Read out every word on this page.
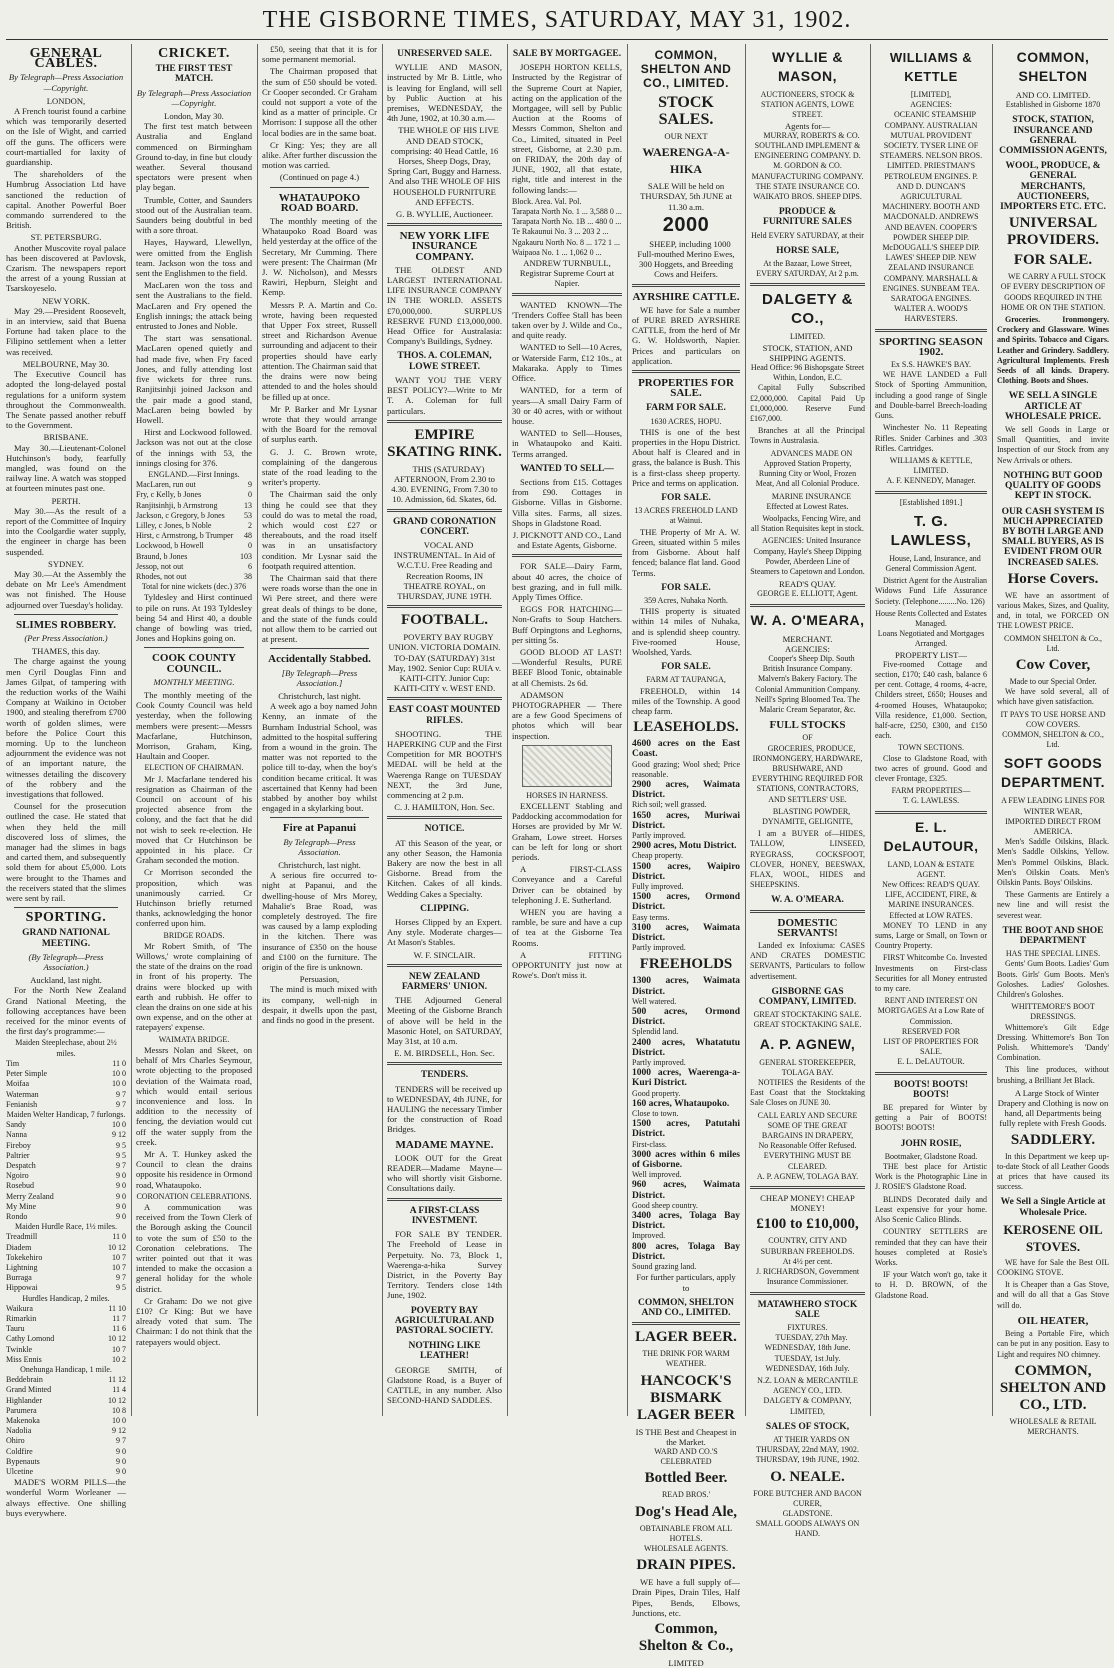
THE GISBORNE TIMES, SATURDAY, MAY 31, 1902.
GENERAL CABLES.
By Telegraph—Press Association—Copyright.
LONDON,

A French tourist found a carbine which was temporarily deserted on the Isle of Wight, and carried off the guns. The officers were court-martialled for laxity of guardianship.

The shareholders of the Humbrug Association Ltd have sanctioned the reduction of capital. Another Powerful Boer commando surrendered to the British.

ST. PETERSBURG.

Another Muscovite royal palace has been discovered at Pavlovsk, Czarism. The newspapers report the arrest of a young Russian at Tsarskoyeselo.

NEW YORK.

May 29.—President Roosevelt, in an interview, said that Buena Fortune had taken place to the Filipino settlement when a letter was received.

MELBOURNE, May 30.

The Executive Council has adopted the long-delayed postal regulations for a uniform system throughout the Commonwealth. The Senate passed another rebuff to the Government.

BRISBANE.

May 30.—Lieutenant-Colonel Hutchinson's body, fearfully mangled, was found on the railway line. A watch was stopped at fourteen minutes past one.

PERTH.

May 30.—As the result of a report of the Committee of Inquiry into the Coolgardie water supply, the engineer in charge has been suspended.

SYDNEY.

May 30.—At the Assembly the debate on Mr Lee's Amendment was not finished. The House adjourned over Tuesday's holiday.

SLIMES ROBBERY.
(Per Press Association.)
THAMES, this day.

The charge against the young men Cyril Douglas Finn and James Gilpat, of tampering with the reduction works of the Waihi Company at Waikino in October 1900, and stealing therefrom £700 worth of golden slimes, were before the Police Court this morning. Up to the luncheon adjournment the evidence was not of an important nature, the witnesses detailing the discovery of the robbery and the investigations that followed.

Counsel for the prosecution outlined the case. He stated that when they held the mill discovered loss of slimes, the manager had the slimes in bags and carted them, and subsequently sold them for about £5,000. Lots were brought to the Thames and the receivers stated that the slimes were sent by rail.

SPORTING.
GRAND NATIONAL MEETING.
(By Telegraph—Press Association.)
Auckland, last night.

For the North New Zealand Grand National Meeting, the following acceptances have been received for the minor events of the first day's programme:—

Maiden Steeplechase, about 2½ miles.
Tim	11 0
Peter Simple	10 0
Moifaa	10 0
Waterman	9 7
Fenianish	9 7
Maiden Welter Handicap, 7 furlongs.
Sandy	10 0
Nanna	9 12
Fireboy	9 5
Paltrier	9 5
Despatch	9 7
Ngoiro	9 0
Rosebud	9 0
Merry Zealand	9 0
My Mine	9 0
Rondo	9 0
Maiden Hurdle Race, 1½ miles.
Treadmill	11 0
Diadem	10 12
Tokekehiro	10 7
Lightning	10 7
Burraga	9 7
Hippowai	9 5
Hurdles Handicap, 2 miles.
Waikura	11 10
Rimarkin	11 7
Tauru	11 6
Cathy Lomond	10 12
Twinkle	10 7
Miss Ennis	10 2
Onehunga Handicap, 1 mile.
Beddebrain	11 12
Grand Minted	11 4
Highlander	10 12
Parumera	10 8
Makenoka	10 0
Nadolia	9 12
Ohiro	9 7
Coldfire	9 0
Bypenauts	9 0
Ulcetine	9 0

MADE'S WORM PILLS—the wonderful Worm Worleaner — always effective. One shilling buys everywhere.

CRICKET.
THE FIRST TEST MATCH.
By Telegraph—Press Association—Copyright.
London, May 30.

The first test match between Australia and England commenced on Birmingham Ground to-day, in fine but cloudy weather. Several thousand spectators were present when play began.

Trumble, Cotter, and Saunders stood out of the Australian team. Saunders being doubtful in bed with a sore throat.

Hayes, Hayward, Llewellyn, were omitted from the English team. Jackson won the toss and sent the Englishmen to the field.

MacLaren won the toss and sent the Australians to the field. MacLaren and Fry opened the English innings; the attack being entrusted to Jones and Noble.

The start was sensational. MacLaren opened quietly and had made five, when Fry faced Jones, and fully attending lost five wickets for three runs. Ranjitsinhji joined Jackson and the pair made a good stand, MacLaren being bowled by Howell.

Hirst and Lockwood followed. Jackson was not out at the close of the innings with 53, the innings closing for 376.

ENGLAND.—First Innings.
MacLaren, run out	9
Fry, c Kelly, b Jones	0
Ranjitsinhji, b Armstrong	13
Jackson, c Gregory, b Jones 53
Lilley, c Jones, b Noble	2
Hirst, c Armstrong, b Trumper 48
Lockwood, b Howell	0
Braund, b Jones	103
Jessop, not out	6
Rhodes, not out	38
Total for nine wickets (dec.) 376

Tyldesley and Hirst continued to pile on runs. At 193 Tyldesley being 54 and Hirst 40, a double change of bowling was tried, Jones and Hopkins going on.

COOK COUNTY COUNCIL.
MONTHLY MEETING.

The monthly meeting of the Cook County Council was held yesterday, when the following members were present:—Messrs Macfarlane, Hutchinson, Morrison, Graham, King, Haultain and Cooper.

ELECTION OF CHAIRMAN.

Mr J. Macfarlane tendered his resignation as Chairman of the Council on account of his projected absence from the colony, and the fact that he did not wish to seek re-election. He moved that Cr Hutchinson be appointed in his place. Cr Graham seconded the motion.

Cr Morrison seconded the proposition, which was unanimously carried. Cr Hutchinson briefly returned thanks, acknowledging the honor conferred upon him.

BRIDGE ROADS.

Mr Robert Smith, of 'The Willows,' wrote complaining of the state of the drains on the road in front of his property. The drains were blocked up with earth and rubbish. He offer to clean the drains on one side at his own expense, and on the other at ratepayers' expense.

WAIMATA BRIDGE.

Messrs Nolan and Skeet, on behalf of Mrs Charles Seymour, wrote objecting to the proposed deviation of the Waimata road, which would entail serious inconvenience and loss. In addition to the necessity of fencing, the deviation would cut off the water supply from the creek.

Mr A. T. Hunkey asked the Council to clean the drains opposite his residence in Ormond road, Whataupoko.

CORONATION CELEBRATIONS.

A communication was received from the Town Clerk of the Borough asking the Council to vote the sum of £50 to the Coronation celebrations. The writer pointed out that it was intended to make the occasion a general holiday for the whole district.

Cr Graham: Do we not give £10? Cr King: But we have already voted that sum. The Chairman: I do not think that the ratepayers would object.

£50, seeing that that it is for some permanent memorial.

The Chairman proposed that the sum of £50 should be voted. Cr Cooper seconded. Cr Graham could not support a vote of the kind as a matter of principle. Cr Morrison: I suppose all the other local bodies are in the same boat.

Cr King: Yes; they are all alike. After further discussion the motion was carried.

(Continued on page 4.)
WHATAUPOKO ROAD BOARD.

The monthly meeting of the Whataupoko Road Board was held yesterday at the office of the Secretary, Mr Cumming. There were present: The Chairman (Mr J. W. Nicholson), and Messrs Rawiri, Hepburn, Sleight and Kemp.

Messrs P. A. Martin and Co. wrote, having been requested that Upper Fox street, Russell street and Richardson Avenue surrounding and adjacent to their properties should have early attention. The Chairman said that the drains were now being attended to and the holes should be filled up at once.

Mr P. Barker and Mr Lysnar wrote that they would arrange with the Board for the removal of surplus earth.

G. J. C. Brown wrote, complaining of the dangerous state of the road leading to the writer's property.

The Chairman said the only thing he could see that they could do was to metal the road, which would cost £27 or thereabouts, and the road itself was in an unsatisfactory condition. Mr Lysnar said the footpath required attention.

The Chairman said that there were roads worse than the one in Wi Pere street, and there were great deals of things to be done, and the state of the funds could not allow them to be carried out at present.

Accidentally Stabbed.
[By Telegraph—Press Association.]
Christchurch, last night.

A week ago a boy named John Kenny, an inmate of the Burnham Industrial School, was admitted to the hospital suffering from a wound in the groin. The matter was not reported to the police till to-day, when the boy's condition became critical. It was ascertained that Kenny had been stabbed by another boy whilst engaged in a skylarking bout.

Fire at Papanui
By Telegraph—Press Association.
Christchurch, last night.

A serious fire occurred to-night at Papanui, and the dwelling-house of Mrs Morey, Mahalie's Brae Road, was completely destroyed. The fire was caused by a lamp exploding in the kitchen. There was insurance of £350 on the house and £100 on the furniture. The origin of the fire is unknown.

Persuasion,

The mind is much mixed with its company, well-nigh in despair, it dwells upon the past, and finds no good in the present.

UNRESERVED SALE.

WYLLIE AND MASON, instructed by Mr B. Little, who is leaving for England, will sell by Public Auction at his premises, WEDNESDAY, the 4th June, 1902, at 10.30 a.m.—

THE WHOLE OF HIS LIVE AND DEAD STOCK, comprising: 40 Head Cattle, 16 Horses, Sheep Dogs, Dray, Spring Cart, Buggy and Harness. And also THE WHOLE OF HIS HOUSEHOLD FURNITURE AND EFFECTS.

G. B. WYLLIE, Auctioneer.
NEW YORK LIFE INSURANCE COMPANY.

THE OLDEST AND LARGEST INTERNATIONAL LIFE INSURANCE COMPANY IN THE WORLD. ASSETS £70,000,000. SURPLUS RESERVE FUND £13,000,000. Head Office for Australasia: Company's Buildings, Sydney.

THOS. A. COLEMAN, LOWE STREET.

WANT YOU THE VERY BEST POLICY?—Write to Mr T. A. Coleman for full particulars.

EMPIRE SKATING RINK.

THIS (SATURDAY) AFTERNOON, From 2.30 to 4.30. EVENING, From 7.30 to 10. Admission, 6d. Skates, 6d.

GRAND CORONATION CONCERT.

VOCAL AND INSTRUMENTAL. In Aid of W.C.T.U. Free Reading and Recreation Rooms, IN THEATRE ROYAL, on THURSDAY, JUNE 19TH.

FOOTBALL.

POVERTY BAY RUGBY UNION. VICTORIA DOMAIN. TO-DAY (SATURDAY) 31st May, 1902. Senior Cup: RUIA v. KAITI-CITY. Junior Cup: KAITI-CITY v. WEST END.

EAST COAST MOUNTED RIFLES.

SHOOTING. THE HAPERKING CUP and the First Competition for MR BOOTH'S MEDAL will be held at the Waerenga Range on TUESDAY NEXT, the 3rd June, commencing at 2 p.m.

C. J. HAMILTON, Hon. Sec.
NOTICE.

AT this Season of the year, or any other Season, the Hamonia Bakery are now the best in all Gisborne. Bread from the Kitchen. Cakes of all kinds. Wedding Cakes a Specialty.

CLIPPING.

Horses Clipped by an Expert. Any style. Moderate charges—At Mason's Stables.

W. F. SINCLAIR.
NEW ZEALAND FARMERS' UNION.

THE Adjourned General Meeting of the Gisborne Branch of above will be held in the Masonic Hotel, on SATURDAY, May 31st, at 10 a.m.

E. M. BIRDSELL, Hon. Sec.
TENDERS.

TENDERS will be received up to WEDNESDAY, 4th JUNE, for HAULING the necessary Timber for the construction of Road Bridges.

MADAME MAYNE.

LOOK OUT for the Great READER—Madame Mayne—who will shortly visit Gisborne. Consultations daily.

A FIRST-CLASS INVESTMENT.

FOR SALE BY TENDER. The Freehold of Lease in Perpetuity. No. 73, Block 1, Waerenga-a-hika Survey District, in the Poverty Bay Territory. Tenders close 14th June, 1902.

POVERTY BAY AGRICULTURAL AND PASTORAL SOCIETY.
NOTHING LIKE LEATHER!

GEORGE SMITH, of Gladstone Road, is a Buyer of CATTLE, in any number. Also SECOND-HAND SADDLES.

SALE BY MORTGAGEE.

JOSEPH HORTON KELLS, Instructed by the Registrar of the Supreme Court at Napier, acting on the application of the Mortgagee, will sell by Public Auction at the Rooms of Messrs Common, Shelton and Co., Limited, situated in Peel street, Gisborne, at 2.30 p.m. on FRIDAY, the 20th day of JUNE, 1902, all that estate, right, title and interest in the following lands:—

Block. Area. Val. Pol.
Tarapata North No. 1 ... 3,588 0 ...
Tarapata North No. 1B ... 480 0 ...
Te Rakaunui No. 3 ... 203 2 ...
Ngakauru North No. 8 ... 172 1 ...
Waipaoa No. 1 ... 1,062 0 ...
ANDREW TURNBULL, Registrar Supreme Court at Napier.

WANTED KNOWN—The 'Trenders Coffee Stall has been taken over by J. Wilde and Co., and quite ready.

WANTED to Sell—10 Acres, or Waterside Farm, £12 10s., at Makaraka. Apply to Times Office.

WANTED, for a term of years—A small Dairy Farm of 30 or 40 acres, with or without house.

WANTED to Sell—Houses, in Whataupoko and Kaiti. Terms arranged.

WANTED TO SELL—

Sections from £15. Cottages from £90. Cottages in Gisborne. Villas in Gisborne. Villa sites. Farms, all sizes. Shops in Gladstone Road.

J. PICKNOTT AND CO., Land and Estate Agents, Gisborne.

FOR SALE—Dairy Farm, about 40 acres, the choice of best grazing, and in full milk. Apply Times Office.

EGGS FOR HATCHING—Non-Grafts to Soup Hatchers. Buff Orpingtons and Leghorns, per sitting 5s.

GOOD BLOOD AT LAST!—Wonderful Results, PURE BEEF Blood Tonic, obtainable at all Chemists. 2s 6d.

ADAMSON PHOTOGRAPHER — There are a few Good Specimens of photos which will bear inspection.

HORSES IN HARNESS.

EXCELLENT Stabling and Paddocking accommodation for Horses are provided by Mr W. Graham, Lowe street. Horses can be left for long or short periods.

A FIRST-CLASS Conveyance and a Careful Driver can be obtained by telephoning J. E. Sutherland.

WHEN you are having a ramble, be sure and have a cup of tea at the Gisborne Tea Rooms.

A FITTING OPPORTUNITY just now at Rowe's. Don't miss it.

COMMON, SHELTON AND CO., LIMITED.
STOCK SALES.
OUR NEXT
WAERENGA-A-HIKA
SALE Will be held on THURSDAY, 5th JUNE at 11.30 a.m.
2000

SHEEP, including 1000 Full-mouthed Merino Ewes, 300 Hoggets, and Breeding Cows and Heifers.

AYRSHIRE CATTLE.

WE have for Sale a number of PURE BRED AYRSHIRE CATTLE, from the herd of Mr G. W. Holdsworth, Napier. Prices and particulars on application.

PROPERTIES FOR SALE.
FARM FOR SALE.
1630 ACRES, HOPU.

THIS is one of the best properties in the Hopu District. About half is Cleared and in grass, the balance is Bush. This is a first-class sheep property. Price and terms on application.

FOR SALE.
13 ACRES FREEHOLD LAND at Wainui.

THE Property of Mr A. W. Green, situated within 5 miles from Gisborne. About half fenced; balance flat land. Good Terms.

FOR SALE.
359 Acres, Nuhaka North.

THIS property is situated within 14 miles of Nuhaka, and is splendid sheep country. Five-roomed House, Woolshed, Yards.

FOR SALE.
FARM AT TAUPANGA,

FREEHOLD, within 14 miles of the Township. A good cheap farm.

LEASEHOLDS.
4600 acres on the East Coast.
Good grazing; Wool shed; Price reasonable.
2900 acres, Waimata District.
Rich soil; well grassed.
1650 acres, Muriwai District.
Partly improved.
2900 acres, Motu District.
Cheap property.
1500 acres, Waipiro District.
Fully improved.
1500 acres, Ormond District.
Easy terms.
3100 acres, Waimata District.
Partly improved.
FREEHOLDS
1300 acres, Waimata District.
Well watered.
500 acres, Ormond District.
Splendid land.
2400 acres, Whatatutu District.
Partly improved.
1000 acres, Waerenga-a-Kuri District.
Good property.
160 acres, Whataupoko.
Close to town.
1500 acres, Patutahi District.
First-class.
3000 acres within 6 miles of Gisborne.
Well improved.
960 acres, Waimata District.
Good sheep country.
3400 acres, Tolaga Bay District.
Improved.
800 acres, Tolaga Bay District.
Sound grazing land.
For further particulars, apply to
COMMON, SHELTON AND CO., LIMITED.
LAGER BEER.
THE DRINK FOR WARM WEATHER.
HANCOCK'S BISMARK LAGER BEER
IS THE Best and Cheapest in the Market.
WARD AND CO.'S CELEBRATED
Bottled Beer.
READ BROS.'
Dog's Head Ale,
OBTAINABLE FROM ALL HOTELS.
WHOLESALE AGENTS.
DRAIN PIPES.

WE have a full supply of—Drain Pipes, Drain Tiles, Half Pipes, Bends, Elbows, Junctions, etc.

Common, Shelton & Co.,
LIMITED
WYLLIE & MASON,
AUCTIONEERS, STOCK & STATION AGENTS, LOWE STREET.
Agents for—

MURRAY, ROBERTS & CO. SOUTHLAND IMPLEMENT & ENGINEERING COMPANY. D. M. GORDON & CO. MANUFACTURING COMPANY. THE STATE INSURANCE CO. WAIKATO BROS. SHEEP DIPS.

PRODUCE & FURNITURE SALES
Held EVERY SATURDAY, at their
HORSE SALE,
At the Bazaar, Lowe Street, EVERY SATURDAY, At 2 p.m.
DALGETY & CO.,
LIMITED.
STOCK, STATION, AND SHIPPING AGENTS.
Head Office: 96 Bishopsgate Street Within, London, E.C.

Capital Fully Subscribed £2,000,000. Capital Paid Up £1,000,000. Reserve Fund £167,000.

Branches at all the Principal Towns in Australasia.

ADVANCES MADE ON Approved Station Property, Running City or Wool, Frozen Meat, And all Colonial Produce.

MARINE INSURANCE Effected at Lowest Rates.

Woolpacks, Fencing Wire, and all Station Requisites kept in stock.

AGENCIES: United Insurance Company, Hayle's Sheep Dipping Powder, Aberdeen Line of Steamers to Capetown and London.

READ'S QUAY.
GEORGE E. ELLIOTT, Agent.
W. A. O'MEARA,
MERCHANT.
AGENCIES:

Cooper's Sheep Dip. South British Insurance Company. Malvern's Bakery Factory. The Colonial Ammunition Company. Neill's Spring Bloomed Tea. The Malaric Cream Separator, &c.

FULL STOCKS
OF

GROCERIES, PRODUCE, IRONMONGERY, HARDWARE, BRUSHWARE, AND EVERYTHING REQUIRED FOR STATIONS, CONTRACTORS, AND SETTLERS' USE.

BLASTING POWDER, DYNAMITE, GELIGNITE,

I am a BUYER of—HIDES, TALLOW, LINSEED, RYEGRASS, COCKSFOOT, CLOVER, HONEY, BEESWAX, FLAX, WOOL, HIDES and SHEEPSKINS.

W. A. O'MEARA.
DOMESTIC SERVANTS!

Landed ex Infoxiuma: CASES AND CRATES DOMESTIC SERVANTS, Particulars to follow advertisement.

GISBORNE GAS COMPANY, LIMITED.
GREAT STOCKTAKING SALE. GREAT STOCKTAKING SALE.
A. P. AGNEW,
GENERAL STOREKEEPER, TOLAGA BAY.

NOTIFIES the Residents of the East Coast that the Stocktaking Sale Closes on JUNE 30.

CALL EARLY AND SECURE SOME OF THE GREAT BARGAINS IN DRAPERY,
No Reasonable Offer Refused.
EVERYTHING MUST BE CLEARED.
A. P. AGNEW, TOLAGA BAY.
CHEAP MONEY! CHEAP MONEY!
£100 to £10,000,
COUNTRY, CITY AND SUBURBAN FREEHOLDS.
At 4½ per cent.
J. RICHARDSON, Government Insurance Commissioner.
MATAWHERO STOCK SALE
FIXTURES.

TUESDAY, 27th May. WEDNESDAY, 18th June. TUESDAY, 1st July. WEDNESDAY, 16th July.

N.Z. LOAN & MERCANTILE AGENCY CO., LTD.
DALGETY & COMPANY, LIMITED,
SALES OF STOCK,

AT THEIR YARDS ON THURSDAY, 22nd MAY, 1902. THURSDAY, 19th JUNE, 1902.

O. NEALE.
FORE BUTCHER AND BACON CURER,
GLADSTONE.
SMALL GOODS ALWAYS ON HAND.
WILLIAMS & KETTLE
[LIMITED],
AGENCIES:

OCEANIC STEAMSHIP COMPANY. AUSTRALIAN MUTUAL PROVIDENT SOCIETY. TYSER LINE OF STEAMERS. NELSON BROS. LIMITED. PRIESTMAN'S PETROLEUM ENGINES. P. AND D. DUNCAN'S AGRICULTURAL MACHINERY. BOOTH AND MACDONALD. ANDREWS AND BEAVEN. COOPER'S POWDER SHEEP DIP. McDOUGALL'S SHEEP DIP. LAWES' SHEEP DIP. NEW ZEALAND INSURANCE COMPANY. MARSHALL & ENGINES. SUNBEAM TEA. SARATOGA ENGINES. WALTER A. WOOD'S HARVESTERS.

SPORTING SEASON 1902.
Ex S.S. HAWKE'S BAY.

WE HAVE LANDED a Full Stock of Sporting Ammunition, including a good range of Single and Double-barrel Breech-loading Guns.

Winchester No. 11 Repeating Rifles. Snider Carbines and .303 Rifles. Cartridges.

WILLIAMS & KETTLE, LIMITED.
A. F. KENNEDY, Manager.
[Established 1891.]
T. G. LAWLESS,

House, Land, Insurance, and General Commission Agent.

District Agent for the Australian Widows Fund Life Assurance Society. (Telephone.........No. 126)

House Rents Collected and Estates Managed.
Loans Negotiated and Mortgages Arranged.
PROPERTY LIST—

Five-roomed Cottage and section, £170; £40 cash, balance 6 per cent. Cottage, 4 rooms, 4-acre, Childers street, £650; Houses and 4-roomed Houses, Whataupoko; Villa residence, £1,000. Section, half-acre, £250, £300, and £150 each.

TOWN SECTIONS.

Close to Gladstone Road, with two acres of ground. Good and clever Frontage, £325.

FARM PROPERTIES—
T. G. LAWLESS.
E. L. DeLAUTOUR,
LAND, LOAN & ESTATE AGENT.
New Offices: READ'S QUAY.
LIFE, ACCIDENT, FIRE, & MARINE INSURANCES.
Effected at LOW RATES.

MONEY TO LEND in any sums, Large or Small, on Town or Country Property.

FIRST Whitcombe Co. Invested Investments on First-class Securities for all Money entrusted to my care.

RENT AND INTEREST ON MORTGAGES At a Low Rate of Commission.
RESERVED FOR
LIST OF PROPERTIES FOR SALE.
E. L. DeLAUTOUR.
BOOTS! BOOTS! BOOTS!

BE prepared for Winter by getting a Pair of BOOTS! BOOTS! BOOTS!

JOHN ROSIE,
Bootmaker, Gladstone Road.

THE best place for Artistic Work is the Photographic Line in J. ROSIE'S Gladstone Road.

BLINDS Decorated daily and Least expensive for your home. Also Scenic Calico Blinds.

COUNTRY SETTLERS are reminded that they can have their houses completed at Rosie's Works.

IF your Watch won't go, take it to H. D. BROWN, of the Gladstone Road.

COMMON, SHELTON
AND CO. LIMITED.
Established in Gisborne 1870
STOCK, STATION, INSURANCE AND GENERAL COMMISSION AGENTS,
WOOL, PRODUCE, & GENERAL MERCHANTS, AUCTIONEERS, IMPORTERS ETC. ETC.
UNIVERSAL PROVIDERS.
FOR SALE.

WE CARRY A FULL STOCK OF EVERY DESCRIPTION OF GOODS REQUIRED IN THE HOME OR ON THE STATION.

Groceries. Ironmongery. Crockery and Glassware. Wines and Spirits. Tobacco and Cigars. Leather and Grindery. Saddlery. Agricultural Implements. Fresh Seeds of all kinds. Drapery. Clothing. Boots and Shoes.

WE SELL A SINGLE ARTICLE AT WHOLESALE PRICE.

We sell Goods in Large or Small Quantities, and invite Inspection of our Stock from any New Arrivals or others.

NOTHING BUT GOOD QUALITY OF GOODS KEPT IN STOCK.
OUR CASH SYSTEM IS MUCH APPRECIATED BY BOTH LARGE AND SMALL BUYERS, AS IS EVIDENT FROM OUR INCREASED SALES.
Horse Covers.

WE have an assortment of various Makes, Sizes, and Quality, and, in total, we FORCED ON THE LOWEST PRICE.

COMMON SHELTON & Co., Ltd.
Cow Cover,
Made to our Special Order.

We have sold several, all of which have given satisfaction.

IT PAYS TO USE HORSE AND COW COVERS.
COMMON, SHELTON & CO., Ltd.
SOFT GOODS DEPARTMENT.
A FEW LEADING LINES FOR WINTER WEAR,
IMPORTED DIRECT FROM AMERICA.

Men's Saddle Oilskins, Black. Men's Saddle Oilskins, Yellow. Men's Pommel Oilskins, Black. Men's Oilskin Coats. Men's Oilskin Pants. Boys' Oilskins.

These Garments are Entirely a new line and will resist the severest wear.

THE BOOT AND SHOE DEPARTMENT
HAS THE SPECIAL LINES.

Gents' Gum Boots. Ladies' Gum Boots. Girls' Gum Boots. Men's Goloshes. Ladies' Goloshes. Children's Goloshes.

WHITTEMORE'S BOOT DRESSINGS.

Whittemore's Gilt Edge Dressing. Whittemore's Bon Ton Polish. Whittemore's 'Dandy' Combination.

This line produces, without brushing, a Brilliant Jet Black.

A Large Stock of Winter Drapery and Clothing is now on hand, all Departments being fully replete with Fresh Goods.

SADDLERY.

In this Department we keep up-to-date Stock of all Leather Goods at prices that have caused its success.

We Sell a Single Article at Wholesale Price.
KEROSENE OIL STOVES.

WE have for Sale the Best OIL COOKING STOVE.

It is Cheaper than a Gas Stove, and will do all that a Gas Stove will do.

OIL HEATER,

Being a Portable Fire, which can be put in any position. Easy to Light and requires NO chimney.

COMMON, SHELTON AND CO., LTD.
WHOLESALE & RETAIL MERCHANTS.
